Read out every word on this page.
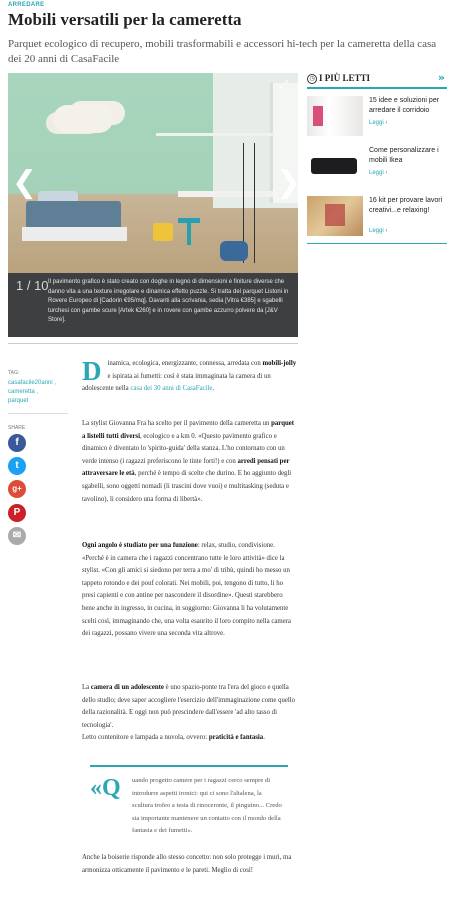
ARREDARE
Mobili versatili per la cameretta

Parquet ecologico di recupero, mobili trasformabili e accessori hi-tech per la cameretta della casa dei 20 anni di CasaFacile

❮	❯
⤢
1 / 10 Il pavimento grafico è stato creato con doghe in legno di dimensioni e finiture diverse che danno vita a una texture irregolare e dinamica effetto puzzle. Si tratta del parquet Listoni in Rovere Europeo di [Cadorin €95/mq]. Davanti alla scrivania, sedia [Vitra €385] e sgabelli turchesi con gambe scure [Artek €260] e in rovere con gambe azzurro polvere da [J&V Store].
◷ I PIÙ LETTI	»
15 idee e soluzioni per arredare il corridoio
Leggi ›
Come personalizzare i mobili Ikea
Leggi ›
16 kit per provare lavori creativi...e relaxing!
Leggi ›
TAG:
casafacile20anni ,
cameretta ,
parquet
SHARE
f
t
g+
P
✉
Dinamica, ecologica, energizzante, connessa, arredata con mobili-jolly e ispirata ai fumetti: così è stata immaginata la camera di un adolescente nella casa dei 30 anni di CasaFacile.
La stylist Giovanna Fra ha scelto per il pavimento della cameretta un parquet a listelli tutti diversi, ecologico e a km 0. «Questo pavimento grafico e dinamico è diventato lo 'spirito-guida' della stanza. L'ho contornato con un verde intenso (i ragazzi preferiscono le tinte forti!) e con arredi pensati per attraversare le età, perché è tempo di scelte che durino. E ho aggiunto degli sgabelli, sono oggetti nomadi (li trascini dove vuoi) e multitasking (seduta e tavolino), li considero una forma di libertà».
Ogni angolo è studiato per una funzione: relax, studio, condivisione. «Perché è in camera che i ragazzi concentrano tutte le loro attività» dice la stylist. «Con gli amici si siedono per terra a mo' di tribù, quindi ho messo un tappeto rotondo e dei pouf colorati. Nei mobili, poi, tengono di tutto, li ho presi capienti e con antine per nascondere il disordine». Questi starebbero bene anche in ingresso, in cucina, in soggiorno: Giovanna li ha volutamente scelti così, immaginando che, una volta esaurito il loro compito nella camera dei ragazzi, possano vivere una seconda vita altrove.
La camera di un adolescente è uno spazio-ponte tra l'era del gioco e quella dello studio; deve saper accogliere l'esercizio dell'immaginazione come quello della razionalità. E oggi non può prescindere dall'essere 'ad alto tasso di tecnologia'.
Letto contenitore e lampada a nuvola, ovvero: praticità e fantasia.
«Q uando progetto camere per i ragazzi cerco sempre di introdurre aspetti ironici: qui ci sono l'altalena, la scultura trofeo a testa di rinoceronte, il pinguino... Credo sia importante mantenere un contatto con il mondo della fantasia e dei fumetti».
Anche la boiserie risponde allo stesso concetto: non solo protegge i muri, ma armonizza otticamente il pavimento e le pareti. Meglio di così!
